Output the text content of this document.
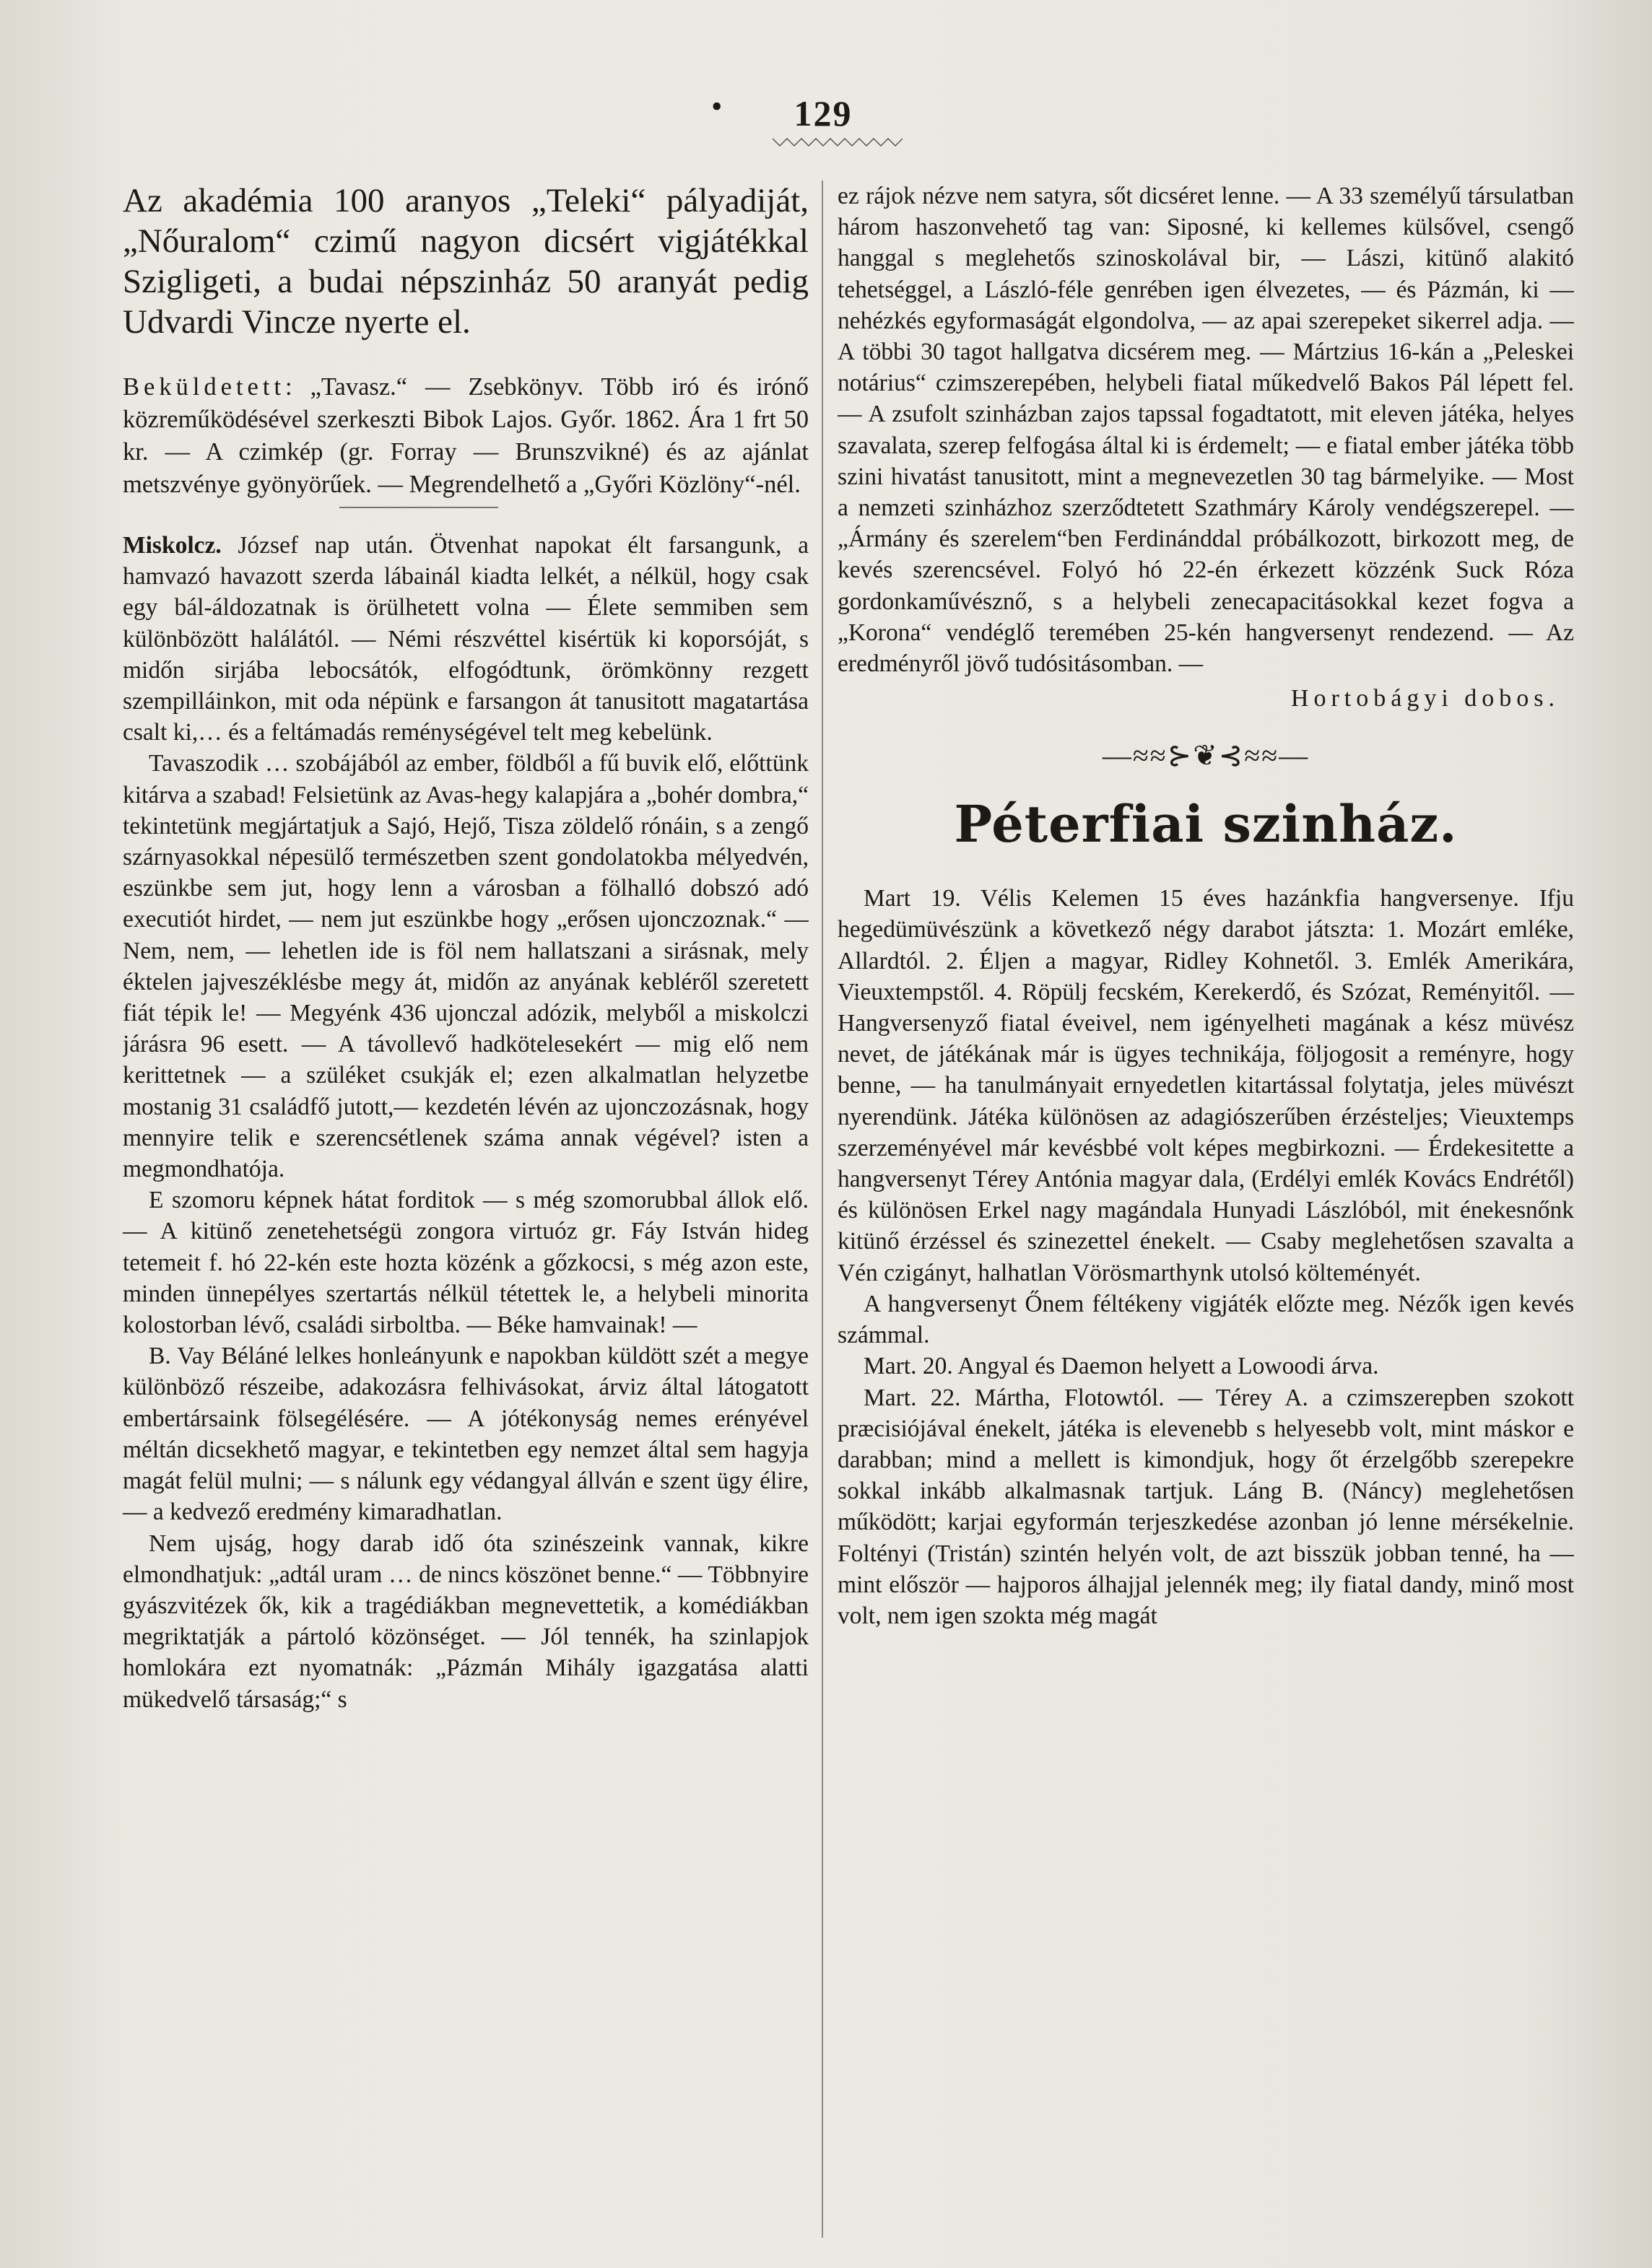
•	129

Az akadémia 100 aranyos „Teleki“ pályadiját, „Nőuralom“ czimű nagyon dicsért vigjátékkal Szigligeti, a budai népszinház 50 aranyát pedig Udvardi Vincze nyerte el.

Beküldetett: „Tavasz.“ — Zsebkönyv. Több iró és irónő közreműködésével szerkeszti Bibok Lajos. Győr. 1862. Ára 1 frt 50 kr. — A czimkép (gr. Forray — Brunszvikné) és az ajánlat metszvénye gyönyörűek. — Megrendelhető a „Győri Közlöny“-nél.

Miskolcz. József nap után. Ötvenhat napokat élt farsangunk, a hamvazó havazott szerda lábainál kiadta lelkét, a nélkül, hogy csak egy bál-áldozatnak is örülhetett volna — Élete semmiben sem különbözött halálától. — Némi részvéttel kisértük ki koporsóját, s midőn sirjába lebocsátók, elfogódtunk, örömkönny rezgett szempilláinkon, mit oda népünk e farsangon át tanusitott magatartása csalt ki,… és a feltámadás reménységével telt meg kebelünk.

Tavaszodik … szobájából az ember, földből a fű buvik elő, előttünk kitárva a szabad! Felsietünk az Avas-hegy kalapjára a „bohér dombra,“ tekintetünk megjártatjuk a Sajó, Hejő, Tisza zöldelő rónáin, s a zengő szárnyasokkal népesülő természetben szent gondolatokba mélyedvén, eszünkbe sem jut, hogy lenn a városban a fölhalló dobszó adó executiót hirdet, — nem jut eszünkbe hogy „erősen ujonczoznak.“ — Nem, nem, — lehetlen ide is föl nem hallatszani a sirásnak, mely éktelen jajveszéklésbe megy át, midőn az anyának kebléről szeretett fiát tépik le! — Megyénk 436 ujonczal adózik, melyből a miskolczi járásra 96 esett. — A távollevő hadkötelesekért — mig elő nem kerittetnek — a szüléket csukják el; ezen alkalmatlan helyzetbe mostanig 31 családfő jutott,— kezdetén lévén az ujonczozásnak, hogy mennyire telik e szerencsétlenek száma annak végével? isten a megmondhatója.

E szomoru képnek hátat forditok — s még szomorubbal állok elő. — A kitünő zenetehetségü zongora virtuóz gr. Fáy István hideg tetemeit f. hó 22-kén este hozta közénk a gőzkocsi, s még azon este, minden ünnepélyes szertartás nélkül tétettek le, a helybeli minorita kolostorban lévő, családi sirboltba. — Béke hamvainak! —

B. Vay Béláné lelkes honleányunk e napokban küldött szét a megye különböző részeibe, adakozásra felhivásokat, árviz által látogatott embertársaink fölsegélésére. — A jótékonyság nemes erényével méltán dicsekhető magyar, e tekintetben egy nemzet által sem hagyja magát felül mulni; — s nálunk egy védangyal állván e szent ügy élire, — a kedvező eredmény kimaradhatlan.

Nem ujság, hogy darab idő óta szinészeink vannak, kikre elmondhatjuk: „adtál uram … de nincs köszönet benne.“ — Többnyire gyászvitézek ők, kik a tragédiákban megnevettetik, a komédiákban megriktatják a pártoló közönséget. — Jól tennék, ha szinlapjok homlokára ezt nyomatnák: „Pázmán Mihály igazgatása alatti mükedvelő társaság;“ s

ez rájok nézve nem satyra, sőt dicséret lenne. — A 33 személyű társulatban három haszonvehető tag van: Siposné, ki kellemes külsővel, csengő hanggal s meglehetős szinoskolával bir, — Lászi, kitünő alakitó tehetséggel, a László-féle genrében igen élvezetes, — és Pázmán, ki — nehézkés egyformaságát elgondolva, — az apai szerepeket sikerrel adja. — A többi 30 tagot hallgatva dicsérem meg. — Mártzius 16-kán a „Peleskei notárius“ czimszerepében, helybeli fiatal műkedvelő Bakos Pál lépett fel. — A zsufolt szinházban zajos tapssal fogadtatott, mit eleven játéka, helyes szavalata, szerep felfogása által ki is érdemelt; — e fiatal ember játéka több szini hivatást tanusitott, mint a megnevezetlen 30 tag bármelyike. — Most a nemzeti szinházhoz szerződtetett Szathmáry Károly vendégszerepel. — „Ármány és szerelem“ben Ferdinánddal próbálkozott, birkozott meg, de kevés szerencsével. Folyó hó 22-én érkezett közzénk Suck Róza gordonkaművésznő, s a helybeli zenecapacitásokkal kezet fogva a „Korona“ vendéglő teremében 25-kén hangversenyt rendezend. — Az eredményről jövő tudósitásomban. —

Hortobágyi dobos.

—≈≈⊱❦⊰≈≈—
Péterfiai szinház.

Mart 19. Vélis Kelemen 15 éves hazánkfia hangversenye. Ifju hegedümüvészünk a következő négy darabot játszta: 1. Mozárt emléke, Allardtól. 2. Éljen a magyar, Ridley Kohnetől. 3. Emlék Amerikára, Vieuxtempstől. 4. Röpülj fecském, Kerekerdő, és Szózat, Reményitől. — Hangversenyző fiatal éveivel, nem igényelheti magának a kész müvész nevet, de játékának már is ügyes technikája, följogosit a reményre, hogy benne, — ha tanulmányait ernyedetlen kitartással folytatja, jeles müvészt nyerendünk. Játéka különösen az adagiószerűben érzésteljes; Vieuxtemps szerzeményével már kevésbbé volt képes megbirkozni. — Érdekesitette a hangversenyt Térey Antónia magyar dala, (Erdélyi emlék Kovács Endrétől) és különösen Erkel nagy magándala Hunyadi Lászlóból, mit énekesnőnk kitünő érzéssel és szinezettel énekelt. — Csaby meglehetősen szavalta a Vén czigányt, halhatlan Vörösmarthynk utolsó költeményét.

A hangversenyt Őnem féltékeny vigjáték előzte meg. Nézők igen kevés számmal.

Mart. 20. Angyal és Daemon helyett a Lowoodi árva.

Mart. 22. Mártha, Flotowtól. — Térey A. a czimszerepben szokott præcisiójával énekelt, játéka is elevenebb s helyesebb volt, mint máskor e darabban; mind a mellett is kimondjuk, hogy őt érzelgőbb szerepekre sokkal inkább alkalmasnak tartjuk. Láng B. (Náncy) meglehetősen működött; karjai egyformán terjeszkedése azonban jó lenne mérsékelnie. Foltényi (Tristán) szintén helyén volt, de azt bisszük jobban tenné, ha — mint először — hajporos álhajjal jelennék meg; ily fiatal dandy, minő most volt, nem igen szokta még magát
